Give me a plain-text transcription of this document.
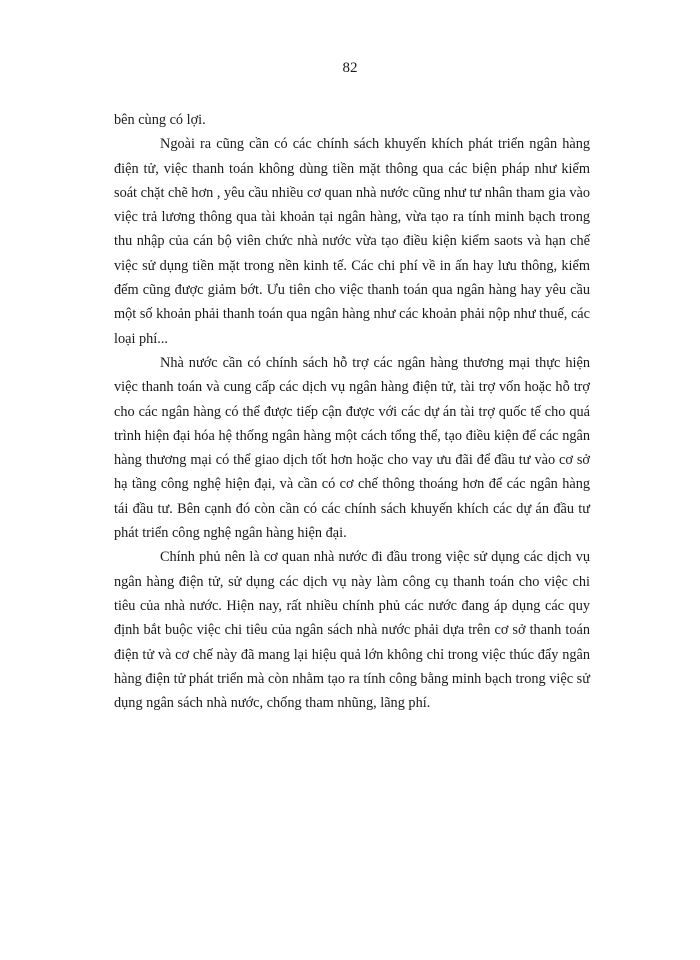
82

bên cùng có lợi.

Ngoài ra cũng cần có các chính sách khuyến khích phát triển ngân hàng điện tử, việc thanh toán không dùng tiền mặt thông qua các biện pháp như kiểm soát chặt chẽ hơn , yêu cầu nhiều cơ quan nhà nước cũng như tư nhân tham gia vào việc trả lương thông qua tài khoản tại ngân hàng, vừa tạo ra tính minh bạch trong thu nhập của cán bộ viên chức nhà nước vừa tạo điều kiện kiểm saots và hạn chế việc sử dụng tiền mặt trong nền kinh tế. Các chi phí về in ấn hay lưu thông, kiểm đếm cũng được giảm bớt. Ưu tiên cho việc thanh toán qua ngân hàng hay yêu cầu một số khoản phải thanh toán qua ngân hàng như các khoản phải nộp như thuế, các loại phí...

Nhà nước cần có chính sách hỗ trợ các ngân hàng thương mại thực hiện việc thanh toán và cung cấp các dịch vụ ngân hàng điện tử, tài trợ vốn hoặc hỗ trợ cho các ngân hàng có thể được tiếp cận được với các dự án tài trợ quốc tế cho quá trình hiện đại hóa hệ thống ngân hàng một cách tổng thể, tạo điều kiện để các ngân hàng thương mại có thể giao dịch tốt hơn hoặc cho vay ưu đãi để đầu tư vào cơ sở hạ tầng công nghệ hiện đại, và cần có cơ chế thông thoáng hơn để các ngân hàng tái đầu tư. Bên cạnh đó còn cần có các chính sách khuyến khích các dự án đầu tư phát triển công nghệ ngân hàng hiện đại.

Chính phủ nên là cơ quan nhà nước đi đầu trong việc sử dụng các dịch vụ ngân hàng điện tử, sử dụng các dịch vụ này làm công cụ thanh toán cho việc chi tiêu của nhà nước. Hiện nay, rất nhiều chính phủ các nước đang áp dụng các quy định bắt buộc việc chi tiêu của ngân sách nhà nước phải dựa trên cơ sở thanh toán điện tử và cơ chế này đã mang lại hiệu quả lớn không chỉ trong việc thúc đẩy ngân hàng điện tử phát triển mà còn nhằm tạo ra tính công bằng minh bạch trong việc sử dụng ngân sách nhà nước, chống tham nhũng, lãng phí.
